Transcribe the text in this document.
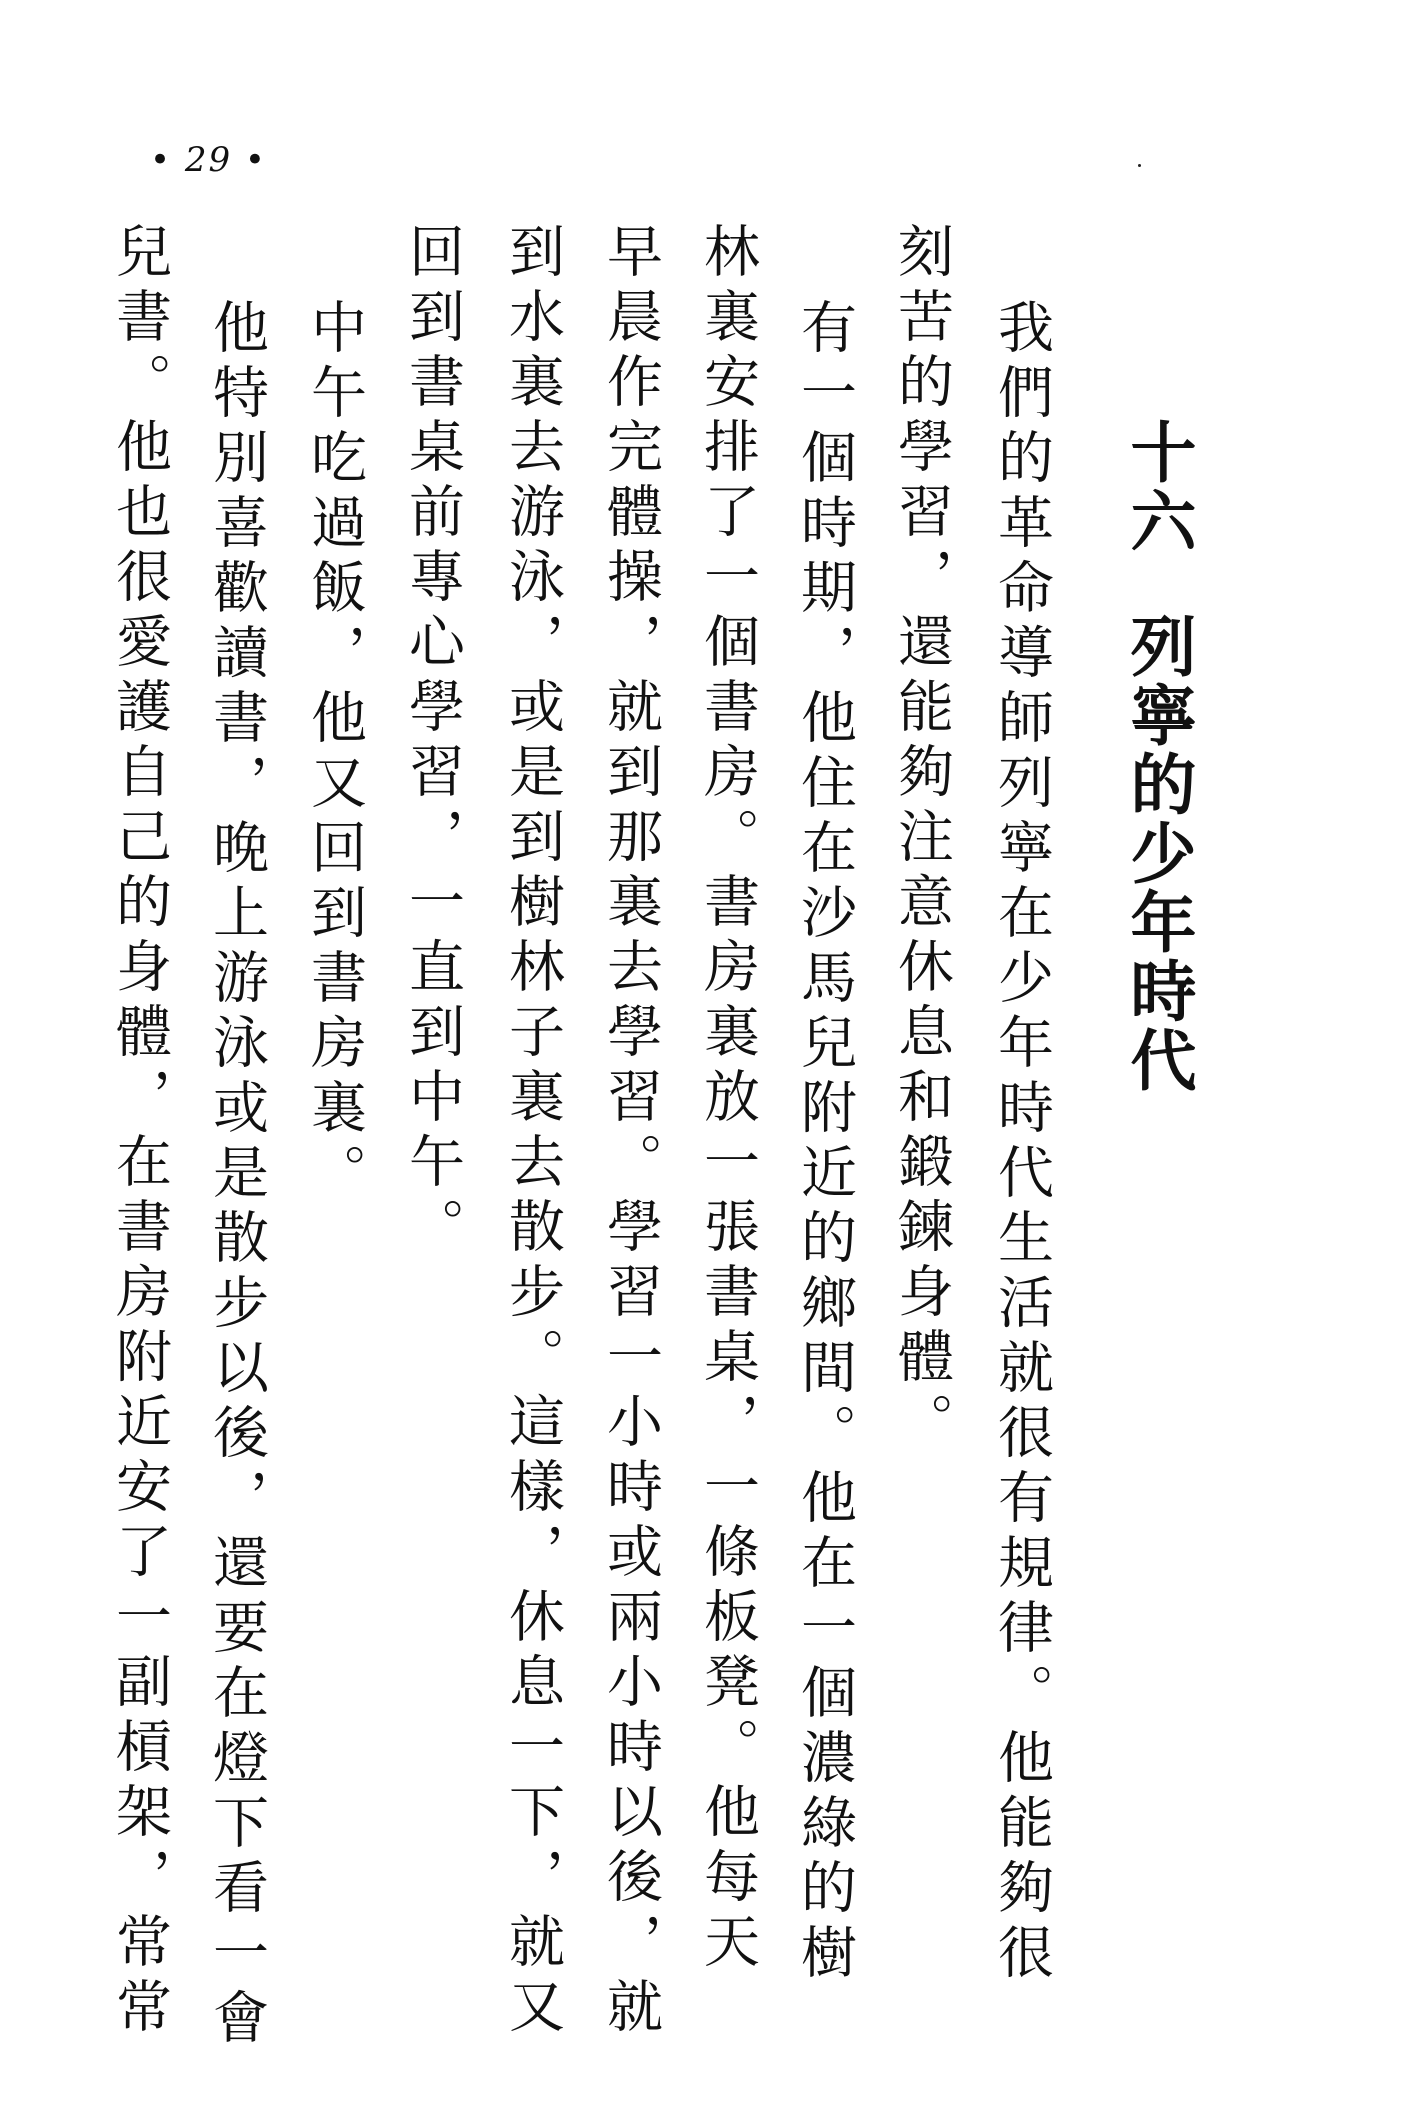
• 29 •
十六列寧的少年時代

我們的革命導師列寧在少年時代生活就很有規律。他能夠很

刻苦的學習，還能夠注意休息和鍛鍊身體。

有一個時期，他住在沙馬兒附近的鄉間。他在一個濃綠的樹

林裏安排了一個書房。書房裏放一張書桌，一條板凳。他每天

早晨作完體操，就到那裏去學習。學習一小時或兩小時以後，就

到水裏去游泳，或是到樹林子裏去散步。這樣，休息一下，就又

回到書桌前專心學習，一直到中午。

中午吃過飯，他又回到書房裏。

他特別喜歡讀書，晚上游泳或是散步以後，還要在燈下看一會

兒書。他也很愛護自己的身體，在書房附近安了一副槓架，常常
